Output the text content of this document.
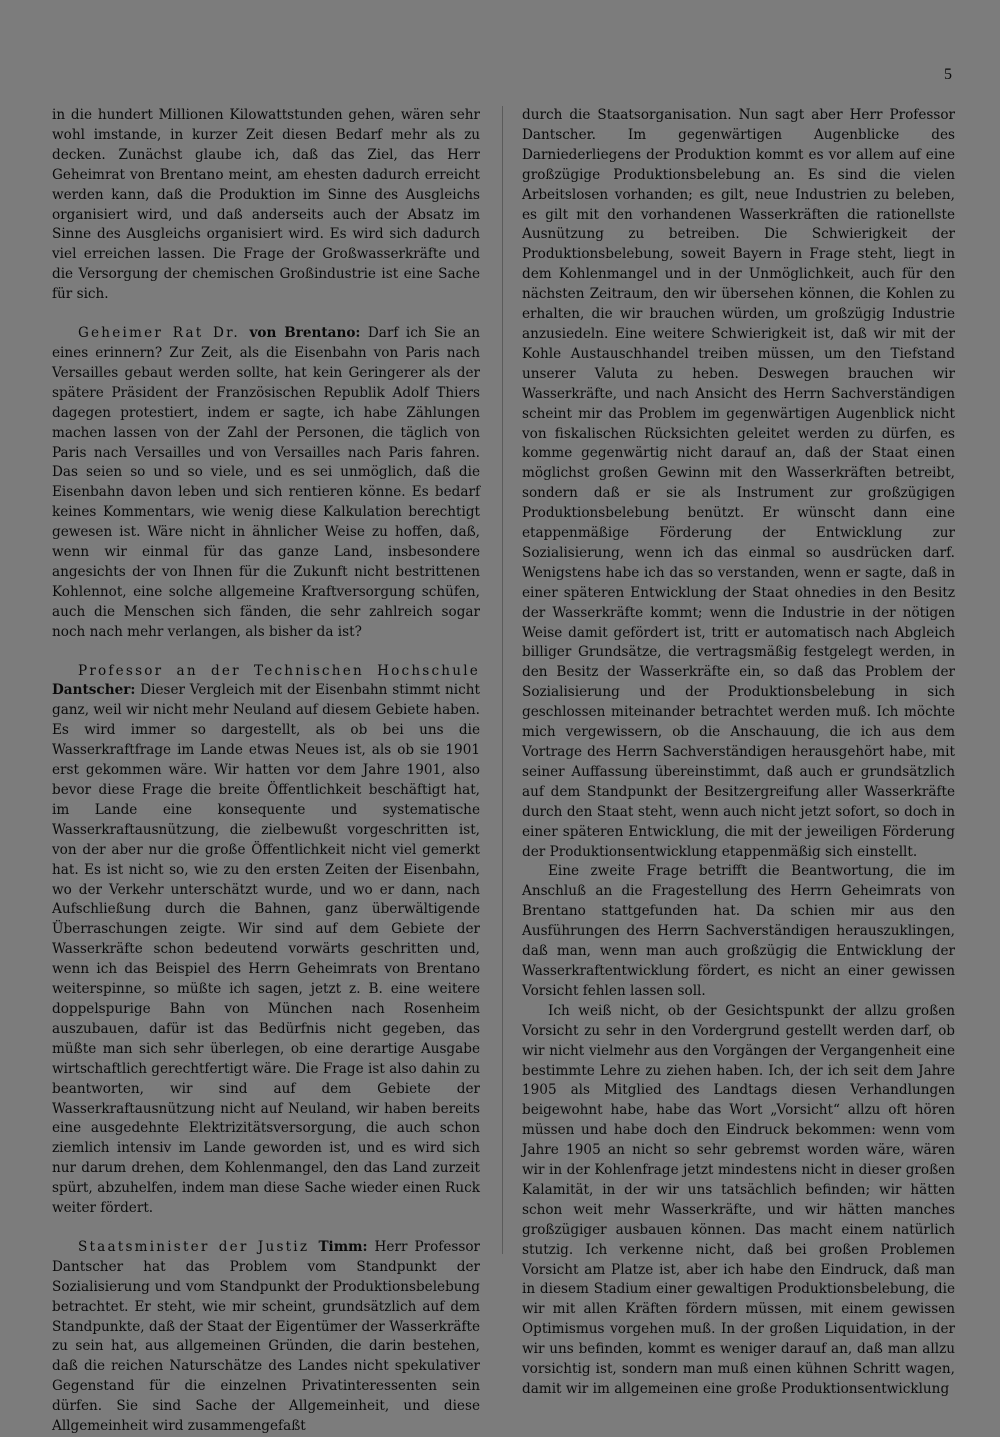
5

in die hundert Millionen Kilowattstunden gehen, wären sehr wohl imstande, in kurzer Zeit diesen Bedarf mehr als zu decken. Zunächst glaube ich, daß das Ziel, das Herr Geheimrat von Brentano meint, am ehesten dadurch erreicht werden kann, daß die Produktion im Sinne des Ausgleichs organisiert wird, und daß anderseits auch der Absatz im Sinne des Ausgleichs organisiert wird. Es wird sich dadurch viel erreichen lassen. Die Frage der Großwasserkräfte und die Versorgung der chemischen Großindustrie ist eine Sache für sich.

Geheimer Rat Dr. von Brentano: Darf ich Sie an eines erinnern? Zur Zeit, als die Eisenbahn von Paris nach Versailles gebaut werden sollte, hat kein Geringerer als der spätere Präsident der Französischen Republik Adolf Thiers dagegen protestiert, indem er sagte, ich habe Zählungen machen lassen von der Zahl der Personen, die täglich von Paris nach Versailles und von Versailles nach Paris fahren. Das seien so und so viele, und es sei unmöglich, daß die Eisenbahn davon leben und sich rentieren könne. Es bedarf keines Kommentars, wie wenig diese Kalkulation berechtigt gewesen ist. Wäre nicht in ähnlicher Weise zu hoffen, daß, wenn wir einmal für das ganze Land, insbesondere angesichts der von Ihnen für die Zukunft nicht bestrittenen Kohlennot, eine solche allgemeine Kraftversorgung schüfen, auch die Menschen sich fänden, die sehr zahlreich sogar noch nach mehr verlangen, als bisher da ist?

Professor an der Technischen Hochschule Dantscher: Dieser Vergleich mit der Eisenbahn stimmt nicht ganz, weil wir nicht mehr Neuland auf diesem Gebiete haben. Es wird immer so dargestellt, als ob bei uns die Wasserkraftfrage im Lande etwas Neues ist, als ob sie 1901 erst gekommen wäre. Wir hatten vor dem Jahre 1901, also bevor diese Frage die breite Öffentlichkeit beschäftigt hat, im Lande eine konsequente und systematische Wasserkraftausnützung, die zielbewußt vorgeschritten ist, von der aber nur die große Öffentlichkeit nicht viel gemerkt hat. Es ist nicht so, wie zu den ersten Zeiten der Eisenbahn, wo der Verkehr unterschätzt wurde, und wo er dann, nach Aufschließung durch die Bahnen, ganz überwältigende Überraschungen zeigte. Wir sind auf dem Gebiete der Wasserkräfte schon bedeutend vorwärts geschritten und, wenn ich das Beispiel des Herrn Geheimrats von Brentano weiterspinne, so müßte ich sagen, jetzt z. B. eine weitere doppelspurige Bahn von München nach Rosenheim auszubauen, dafür ist das Bedürfnis nicht gegeben, das müßte man sich sehr überlegen, ob eine derartige Ausgabe wirtschaftlich gerechtfertigt wäre. Die Frage ist also dahin zu beantworten, wir sind auf dem Gebiete der Wasserkraftausnützung nicht auf Neuland, wir haben bereits eine ausgedehnte Elektrizitätsversorgung, die auch schon ziemlich intensiv im Lande geworden ist, und es wird sich nur darum drehen, dem Kohlenmangel, den das Land zurzeit spürt, abzuhelfen, indem man diese Sache wieder einen Ruck weiter fördert.

Staatsminister der Justiz Timm: Herr Professor Dantscher hat das Problem vom Standpunkt der Sozialisierung und vom Standpunkt der Produktionsbelebung betrachtet. Er steht, wie mir scheint, grundsätzlich auf dem Standpunkte, daß der Staat der Eigentümer der Wasserkräfte zu sein hat, aus allgemeinen Gründen, die darin bestehen, daß die reichen Naturschätze des Landes nicht spekulativer Gegenstand für die einzelnen Privatinteressenten sein dürfen. Sie sind Sache der Allgemeinheit, und diese Allgemeinheit wird zusammengefaßt

durch die Staatsorganisation. Nun sagt aber Herr Professor Dantscher. Im gegenwärtigen Augenblicke des Darniederliegens der Produktion kommt es vor allem auf eine großzügige Produktionsbelebung an. Es sind die vielen Arbeitslosen vorhanden; es gilt, neue Industrien zu beleben, es gilt mit den vorhandenen Wasserkräften die rationellste Ausnützung zu betreiben. Die Schwierigkeit der Produktionsbelebung, soweit Bayern in Frage steht, liegt in dem Kohlenmangel und in der Unmöglichkeit, auch für den nächsten Zeitraum, den wir übersehen können, die Kohlen zu erhalten, die wir brauchen würden, um großzügig Industrie anzusiedeln. Eine weitere Schwierigkeit ist, daß wir mit der Kohle Austauschhandel treiben müssen, um den Tiefstand unserer Valuta zu heben. Deswegen brauchen wir Wasserkräfte, und nach Ansicht des Herrn Sachverständigen scheint mir das Problem im gegenwärtigen Augenblick nicht von fiskalischen Rücksichten geleitet werden zu dürfen, es komme gegenwärtig nicht darauf an, daß der Staat einen möglichst großen Gewinn mit den Wasserkräften betreibt, sondern daß er sie als Instrument zur großzügigen Produktionsbelebung benützt. Er wünscht dann eine etappenmäßige Förderung der Entwicklung zur Sozialisierung, wenn ich das einmal so ausdrücken darf. Wenigstens habe ich das so verstanden, wenn er sagte, daß in einer späteren Entwicklung der Staat ohnedies in den Besitz der Wasserkräfte kommt; wenn die Industrie in der nötigen Weise damit gefördert ist, tritt er automatisch nach Abgleich billiger Grundsätze, die vertragsmäßig festgelegt werden, in den Besitz der Wasserkräfte ein, so daß das Problem der Sozialisierung und der Produktionsbelebung in sich geschlossen miteinander betrachtet werden muß. Ich möchte mich vergewissern, ob die Anschauung, die ich aus dem Vortrage des Herrn Sachverständigen herausgehört habe, mit seiner Auffassung übereinstimmt, daß auch er grundsätzlich auf dem Standpunkt der Besitzergreifung aller Wasserkräfte durch den Staat steht, wenn auch nicht jetzt sofort, so doch in einer späteren Entwicklung, die mit der jeweiligen Förderung der Produktionsentwicklung etappenmäßig sich einstellt.

Eine zweite Frage betrifft die Beantwortung, die im Anschluß an die Fragestellung des Herrn Geheimrats von Brentano stattgefunden hat. Da schien mir aus den Ausführungen des Herrn Sachverständigen herauszuklingen, daß man, wenn man auch großzügig die Entwicklung der Wasserkraftentwicklung fördert, es nicht an einer gewissen Vorsicht fehlen lassen soll.

Ich weiß nicht, ob der Gesichtspunkt der allzu großen Vorsicht zu sehr in den Vordergrund gestellt werden darf, ob wir nicht vielmehr aus den Vorgängen der Vergangenheit eine bestimmte Lehre zu ziehen haben. Ich, der ich seit dem Jahre 1905 als Mitglied des Landtags diesen Verhandlungen beigewohnt habe, habe das Wort „Vorsicht“ allzu oft hören müssen und habe doch den Eindruck bekommen: wenn vom Jahre 1905 an nicht so sehr gebremst worden wäre, wären wir in der Kohlenfrage jetzt mindestens nicht in dieser großen Kalamität, in der wir uns tatsächlich befinden; wir hätten schon weit mehr Wasserkräfte, und wir hätten manches großzügiger ausbauen können. Das macht einem natürlich stutzig. Ich verkenne nicht, daß bei großen Problemen Vorsicht am Platze ist, aber ich habe den Eindruck, daß man in diesem Stadium einer gewaltigen Produktionsbelebung, die wir mit allen Kräften fördern müssen, mit einem gewissen Optimismus vorgehen muß. In der großen Liquidation, in der wir uns befinden, kommt es weniger darauf an, daß man allzu vorsichtig ist, sondern man muß einen kühnen Schritt wagen, damit wir im allgemeinen eine große Produktionsentwicklung
